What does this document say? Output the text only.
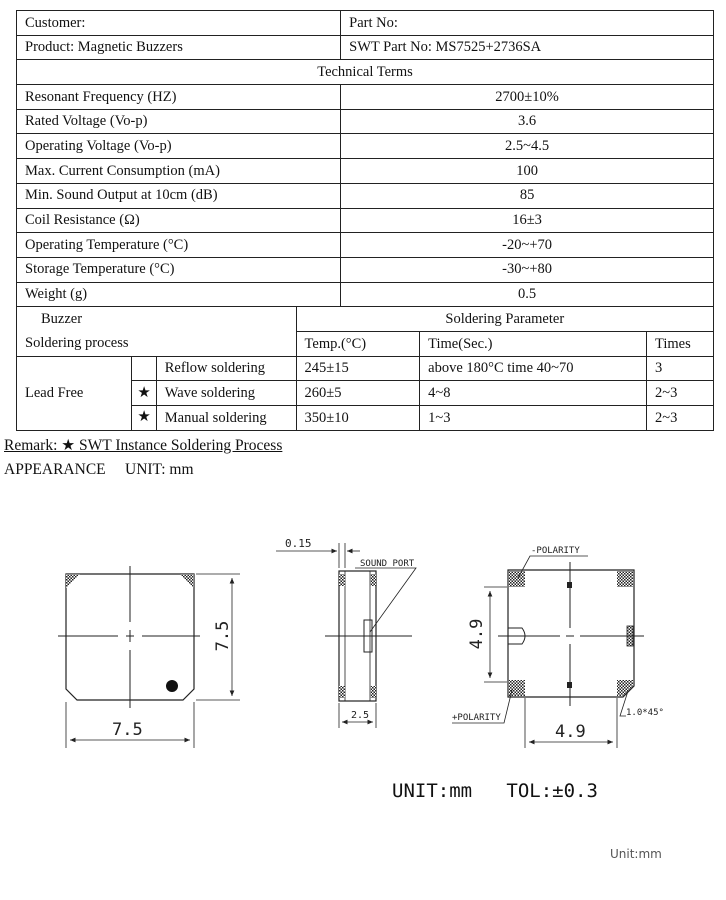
Customer:				Part No:		
Product: Magnetic Buzzers				SWT Part No: MS7525+2736SA		
Technical Terms						
Resonant Frequency (HZ)				2700±10%		
Rated Voltage (Vo-p)				3.6		
Operating Voltage (Vo-p)				2.5~4.5		
Max. Current Consumption (mA)				100		
Min. Sound Output at 10cm (dB)				85		
Coil Resistance (Ω)				16±3		
Operating Temperature (°C)				-20~+70		
Storage Temperature (°C)				-30~+80		
Weight (g)				0.5		
Buzzer			Soldering Parameter			
Soldering process			Temp.(°C)		Time(Sec.)	Times
Lead Free		Reflow soldering	245±15		above 180°C time 40~70	3
	★	Wave soldering	260±5		4~8	2~3
	★	Manual soldering	350±10		1~3	2~3
Remark: ★ SWT Instance Soldering Process
APPEARANCE     UNIT: mm
7.5
7.5
0.15
SOUND PORT
2.5
-POLARITY
+POLARITY	1.0*45°
4.9
4.9
UNIT:mm   TOL:±0.3
Unit:mm
